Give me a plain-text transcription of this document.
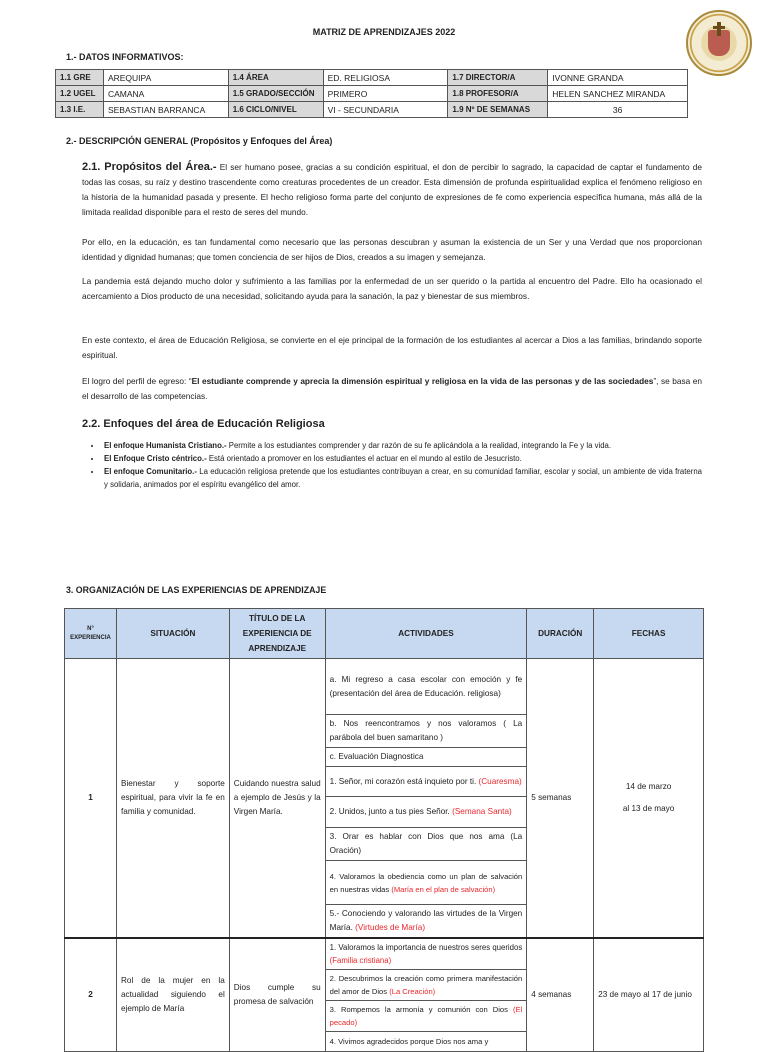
MATRIZ DE APRENDIZAJES 2022
1.- DATOS INFORMATIVOS:
1.1 GRE	AREQUIPA	1.4 ÁREA	ED. RELIGIOSA	1.7 DIRECTOR/A	IVONNE GRANDA
1.2 UGEL	CAMANA	1.5 GRADO/SECCIÓN	PRIMERO	1.8 PROFESOR/A	HELEN SANCHEZ MIRANDA
1.3 I.E.	SEBASTIAN BARRANCA	1.6 CICLO/NIVEL	VI - SECUNDARIA	1.9 Nº DE SEMANAS	36
2.- DESCRIPCIÓN GENERAL (Propósitos y Enfoques del Área)
2.1. Propósitos del Área.- El ser humano posee, gracias a su condición espiritual, el don de percibir lo sagrado, la capacidad de captar el fundamento de todas las cosas, su raíz y destino trascendente como creaturas procedentes de un creador. Esta dimensión de profunda espiritualidad explica el fenómeno religioso en la historia de la humanidad pasada y presente. El hecho religioso forma parte del conjunto de expresiones de fe como experiencia específica humana, más allá de la limitada realidad disponible para el resto de seres del mundo.
Por ello, en la educación, es tan fundamental como necesario que las personas descubran y asuman la existencia de un Ser y una Verdad que nos proporcionan identidad y dignidad humanas; que tomen conciencia de ser hijos de Dios, creados a su imagen y semejanza.
La pandemia está dejando mucho dolor y sufrimiento a las familias por la enfermedad de un ser querido o la partida al encuentro del Padre. Ello ha ocasionado el acercamiento a Dios producto de una necesidad, solicitando ayuda para la sanación, la paz y bienestar de sus miembros.
En este contexto, el área de Educación Religiosa, se convierte en el eje principal de la formación de los estudiantes al acercar a Dios a las familias, brindando soporte espiritual.
El logro del perfil de egreso: “El estudiante comprende y aprecia la dimensión espiritual y religiosa en la vida de las personas y de las sociedades”, se basa en el desarrollo de las competencias.
2.2. Enfoques del área de Educación Religiosa
• El enfoque Humanista Cristiano.- Permite a los estudiantes comprender y dar razón de su fe aplicándola a la realidad, integrando la Fe y la vida.
• El Enfoque Cristo céntrico.- Está orientado a promover en los estudiantes el actuar en el mundo al estilo de Jesucristo.
• El enfoque Comunitario.- La educación religiosa pretende que los estudiantes contribuyan a crear, en su comunidad familiar, escolar y social, un ambiente de vida fraterna y solidaria, animados por el espíritu evangélico del amor.
3. ORGANIZACIÓN DE LAS EXPERIENCIAS DE APRENDIZAJE
N° EXPERIENCIA	SITUACIÓN	TÍTULO DE LA EXPERIENCIA DE APRENDIZAJE	ACTIVIDADES	DURACIÓN	FECHAS
1	Bienestar y soporte espiritual, para vivir la fe en familia y comunidad.	Cuidando nuestra salud a ejemplo de Jesús y la Virgen María.	a. Mi regreso a casa escolar con emoción y fe (presentación del área de Educación. religiosa)	5 semanas	14 de marzo
al 13 de mayo

			b. Nos reencontramos y nos valoramos ( La parábola del buen samaritano )		
			c. Evaluación Diagnostica		
			1. Señor, mi corazón está inquieto por ti. (Cuaresma)		
			2. Unidos, junto a tus pies Señor. (Semana Santa)		
			3. Orar es hablar con Dios que nos ama (La Oración)		
			4. Valoramos la obediencia como un plan de salvación en nuestras vidas (María en el plan de salvación)		
			5.- Conociendo y valorando las virtudes de la Virgen María. (Virtudes de María)		
2	Rol de la mujer en la actualidad siguiendo el ejemplo de María	Dios cumple su promesa de salvación	1. Valoramos la importancia de nuestros seres queridos (Familia cristiana)	4 semanas	23 de mayo al 17 de junio
			2. Descubrimos la creación como primera manifestación del amor de Dios (La Creación)		
			3. Rompemos la armonía y comunión con Dios (El pecado)		
			4. Vivimos agradecidos porque Dios nos ama y		
